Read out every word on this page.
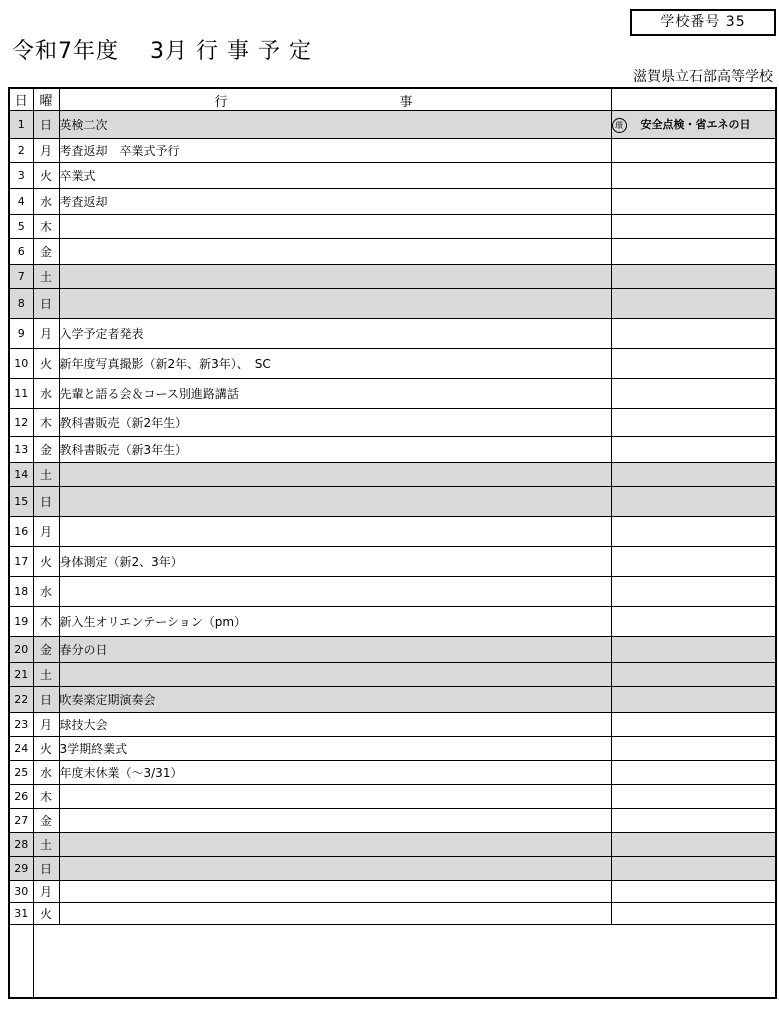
学校番号 35
令和7年度　 3月 行 事 予 定
滋賀県立石部高等学校
日	曜	行 事	

1	日	英検二次	環 安全点検・省エネの日
2	月	考査返却　卒業式予行	
3	火	卒業式	
4	水	考査返却	
5	木		
6	金		
7	土		
8	日		
9	月	入学予定者発表	
10	火	新年度写真撮影（新2年、新3年）、　SC	
11	水	先輩と語る会＆コース別進路講話	
12	木	教科書販売（新2年生）	
13	金	教科書販売（新3年生）	
14	土		
15	日		
16	月		
17	火	身体測定（新2、3年）	
18	水		
19	木	新入生オリエンテーション（pm）	
20	金	春分の日	
21	土		
22	日	吹奏楽定期演奏会	
23	月	球技大会	
24	火	3学期終業式	
25	水	年度末休業（～3/31）	
26	木		
27	金		
28	土		
29	日		
30	月		
31	火		
